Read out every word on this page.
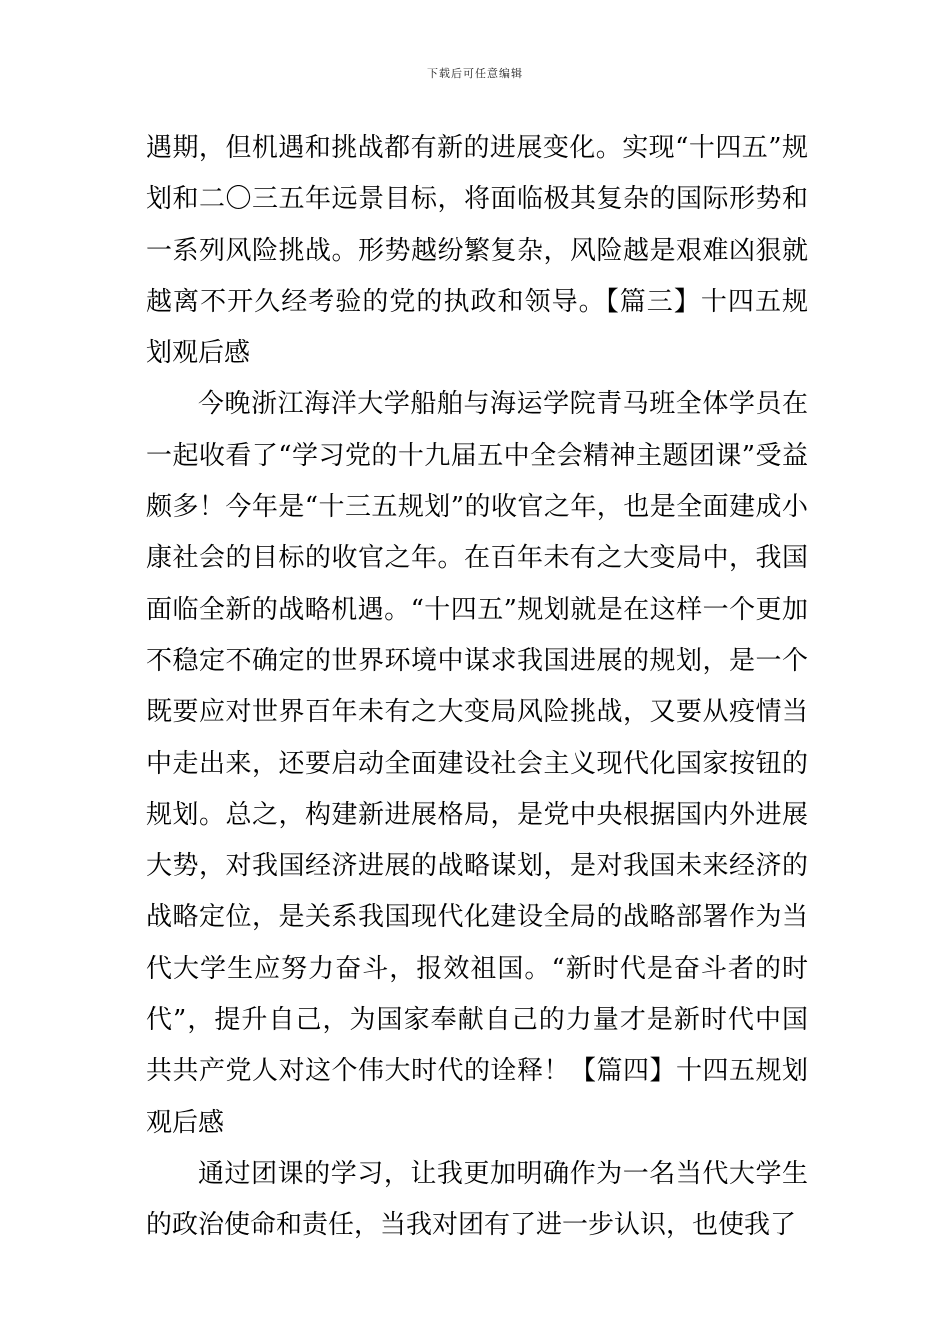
下载后可任意编辑

遇期，但机遇和挑战都有新的进展变化。实现“十四五”规划和二〇三五年远景目标，将面临极其复杂的国际形势和一系列风险挑战。形势越纷繁复杂，风险越是艰难凶狠就越离不开久经考验的党的执政和领导。【篇三】十四五规划观后感

今晚浙江海洋大学船舶与海运学院青马班全体学员在一起收看了“学习党的十九届五中全会精神主题团课”受益颇多！今年是“十三五规划”的收官之年，也是全面建成小康社会的目标的收官之年。在百年未有之大变局中，我国面临全新的战略机遇。“十四五”规划就是在这样一个更加不稳定不确定的世界环境中谋求我国进展的规划，是一个既要应对世界百年未有之大变局风险挑战，又要从疫情当中走出来，还要启动全面建设社会主义现代化国家按钮的规划。总之，构建新进展格局，是党中央根据国内外进展大势，对我国经济进展的战略谋划，是对我国未来经济的战略定位，是关系我国现代化建设全局的战略部署作为当代大学生应努力奋斗，报效祖国。“新时代是奋斗者的时代”，提升自己，为国家奉献自己的力量才是新时代中国共共产党人对这个伟大时代的诠释！【篇四】十四五规划观后感

通过团课的学习，让我更加明确作为一名当代大学生的政治使命和责任，当我对团有了进一步认识，也使我了
